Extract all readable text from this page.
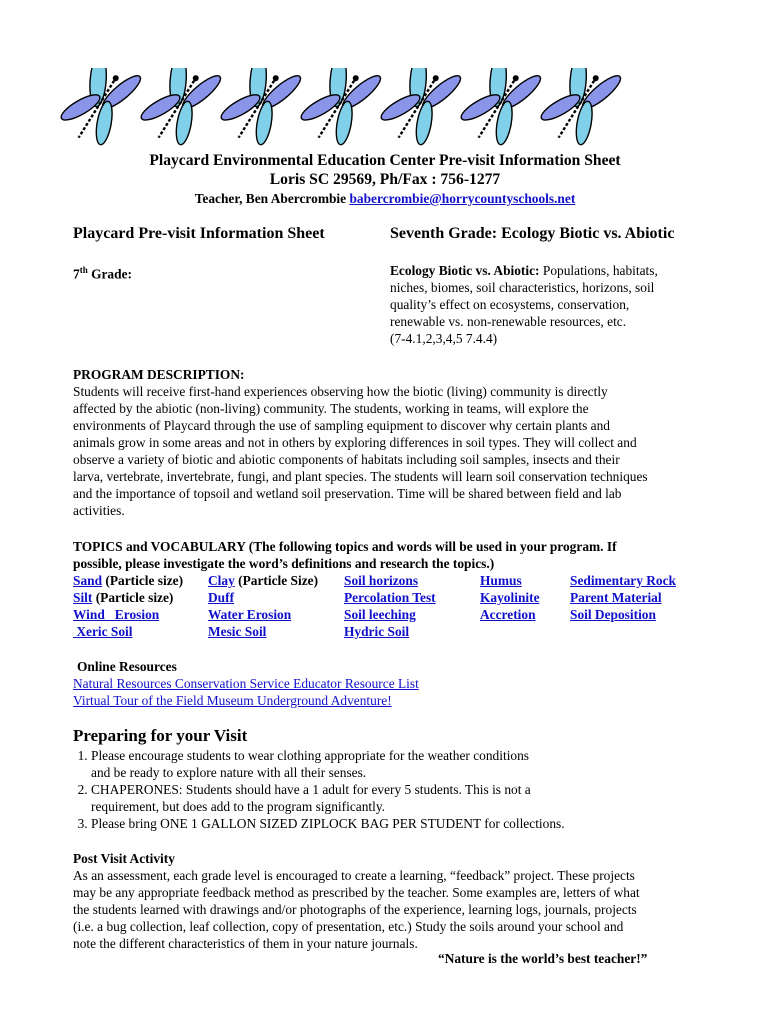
Playcard Environmental Education Center Pre-visit Information Sheet
Loris SC 29569, Ph/Fax : 756-1277
Teacher, Ben Abercrombie babercrombie@horrycountyschools.net
Playcard Pre-visit Information Sheet	Seventh Grade: Ecology Biotic vs. Abiotic
7th Grade:	Ecology Biotic vs. Abiotic: Populations, habitats,
niches, biomes, soil characteristics, horizons, soil
quality’s effect on ecosystems, conservation,
renewable vs. non-renewable resources, etc.
(7-4.1,2,3,4,5 7.4.4)
PROGRAM DESCRIPTION:
Students will receive first-hand experiences observing how the biotic (living) community is directly
affected by the abiotic (non-living) community. The students, working in teams, will explore the
environments of Playcard through the use of sampling equipment to discover why certain plants and
animals grow in some areas and not in others by exploring differences in soil types. They will collect and
observe a variety of biotic and abiotic components of habitats including soil samples, insects and their
larva, vertebrate, invertebrate, fungi, and plant species. The students will learn soil conservation techniques
and the importance of topsoil and wetland soil preservation. Time will be shared between field and lab
activities.
TOPICS and VOCABULARY (The following topics and words will be used in your program. If
possible, please investigate the word’s definitions and research the topics.)
Sand (Particle size)	Clay (Particle Size)	Soil horizons	Humus	Sedimentary Rock
Silt (Particle size)	Duff	Percolation Test	Kayolinite	Parent Material
Wind   Erosion	Water Erosion	Soil leeching	Accretion	Soil Deposition
Xeric Soil	Mesic Soil	Hydric Soil		
Online Resources
Natural Resources Conservation Service Educator Resource List
Virtual Tour of the Field Museum Underground Adventure!
Preparing for your Visit
1. Please encourage students to wear clothing appropriate for the weather conditions
and be ready to explore nature with all their senses.
2. CHAPERONES: Students should have a 1 adult for every 5 students. This is not a
requirement, but does add to the program significantly.
3. Please bring ONE 1 GALLON SIZED ZIPLOCK BAG PER STUDENT for collections.
Post Visit Activity
As an assessment, each grade level is encouraged to create a learning, “feedback” project. These projects
may be any appropriate feedback method as prescribed by the teacher. Some examples are, letters of what
the students learned with drawings and/or photographs of the experience, learning logs, journals, projects
(i.e. a bug collection, leaf collection, copy of presentation, etc.) Study the soils around your school and
note the different characteristics of them in your nature journals.
“Nature is the world’s best teacher!”
